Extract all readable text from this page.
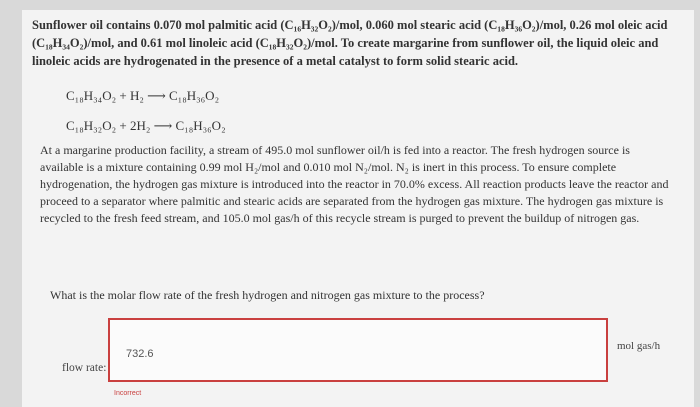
Sunflower oil contains 0.070 mol palmitic acid (C₁₆H₃₂O₂)/mol, 0.060 mol stearic acid (C₁₈H₃₆O₂)/mol, 0.26 mol oleic acid (C₁₈H₃₄O₂)/mol, and 0.61 mol linoleic acid (C₁₈H₃₂O₂)/mol. To create margarine from sunflower oil, the liquid oleic and linoleic acids are hydrogenated in the presence of a metal catalyst to form solid stearic acid.
C₁₈H₃₄O₂ + H₂ ⟶ C₁₈H₃₆O₂
C₁₈H₃₂O₂ + 2H₂ ⟶ C₁₈H₃₆O₂
At a margarine production facility, a stream of 495.0 mol sunflower oil/h is fed into a reactor. The fresh hydrogen source is available is a mixture containing 0.99 mol H₂/mol and 0.010 mol N₂/mol. N₂ is inert in this process. To ensure complete hydrogenation, the hydrogen gas mixture is introduced into the reactor in 70.0% excess. All reaction products leave the reactor and proceed to a separator where palmitic and stearic acids are separated from the hydrogen gas mixture. The hydrogen gas mixture is recycled to the fresh feed stream, and 105.0 mol gas/h of this recycle stream is purged to prevent the buildup of nitrogen gas.
What is the molar flow rate of the fresh hydrogen and nitrogen gas mixture to the process?
732.6
mol gas/h
flow rate:
Incorrect
